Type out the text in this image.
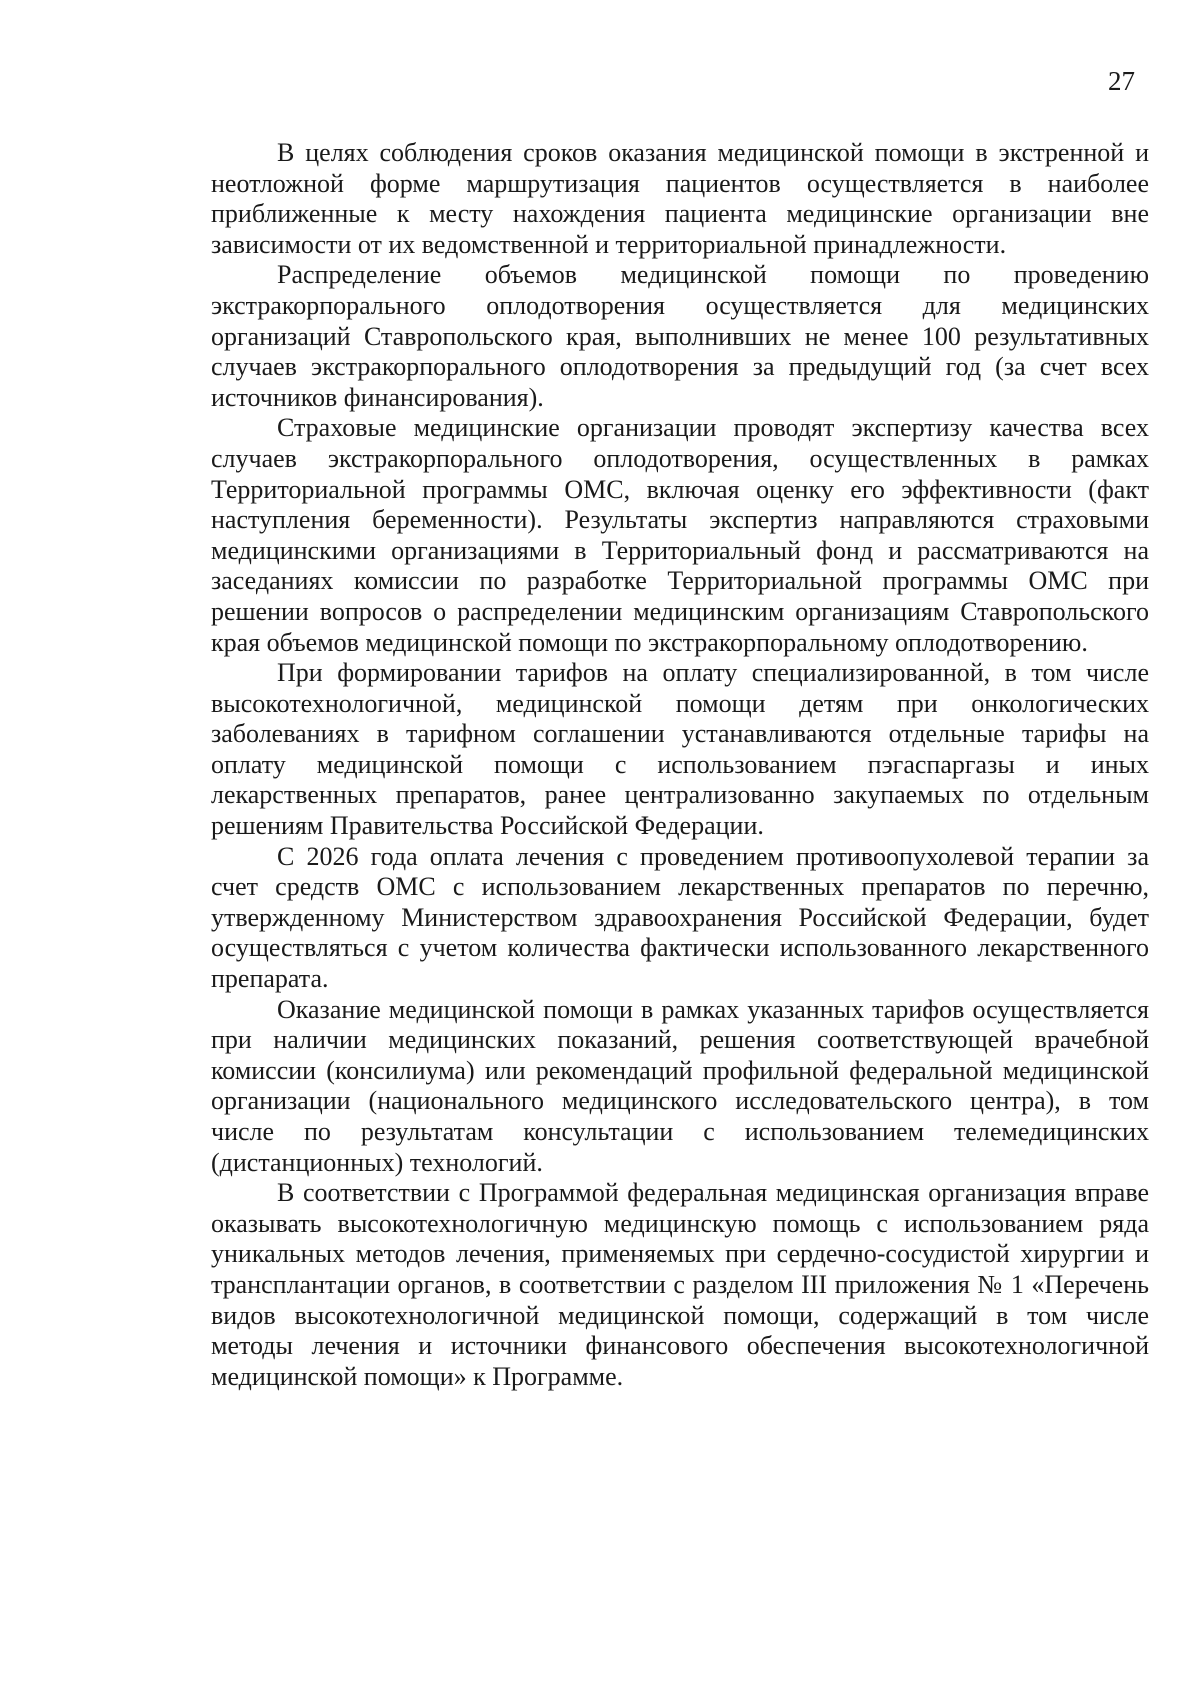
27

В целях соблюдения сроков оказания медицинской помощи в экстренной и неотложной форме маршрутизация пациентов осуществляется в наиболее приближенные к месту нахождения пациента медицинские организации вне зависимости от их ведомственной и территориальной принадлежности.

Распределение объемов медицинской помощи по проведению экстракорпорального оплодотворения осуществляется для медицинских организаций Ставропольского края, выполнивших не менее 100 результативных случаев экстракорпорального оплодотворения за предыдущий год (за счет всех источников финансирования).

Страховые медицинские организации проводят экспертизу качества всех случаев экстракорпорального оплодотворения, осуществленных в рамках Территориальной программы ОМС, включая оценку его эффективности (факт наступления беременности). Результаты экспертиз направляются страховыми медицинскими организациями в Территориальный фонд и рассматриваются на заседаниях комиссии по разработке Территориальной программы ОМС при решении вопросов о распределении медицинским организациям Ставропольского края объемов медицинской помощи по экстракорпоральному оплодотворению.

При формировании тарифов на оплату специализированной, в том числе высокотехнологичной, медицинской помощи детям при онкологических заболеваниях в тарифном соглашении устанавливаются отдельные тарифы на оплату медицинской помощи с использованием пэгаспаргазы и иных лекарственных препаратов, ранее централизованно закупаемых по отдельным решениям Правительства Российской Федерации.

С 2026 года оплата лечения с проведением противоопухолевой терапии за счет средств ОМС с использованием лекарственных препаратов по перечню, утвержденному Министерством здравоохранения Российской Федерации, будет осуществляться с учетом количества фактически использованного лекарственного препарата.

Оказание медицинской помощи в рамках указанных тарифов осуществляется при наличии медицинских показаний, решения соответствующей врачебной комиссии (консилиума) или рекомендаций профильной федеральной медицинской организации (национального медицинского исследовательского центра), в том числе по результатам консультации с использованием телемедицинских (дистанционных) технологий.

В соответствии с Программой федеральная медицинская организация вправе оказывать высокотехнологичную медицинскую помощь с использованием ряда уникальных методов лечения, применяемых при сердечно-сосудистой хирургии и трансплантации органов, в соответствии с разделом III приложения № 1 «Перечень видов высокотехнологичной медицинской помощи, содержащий в том числе методы лечения и источники финансового обеспечения высокотехнологичной медицинской помощи» к Программе.
